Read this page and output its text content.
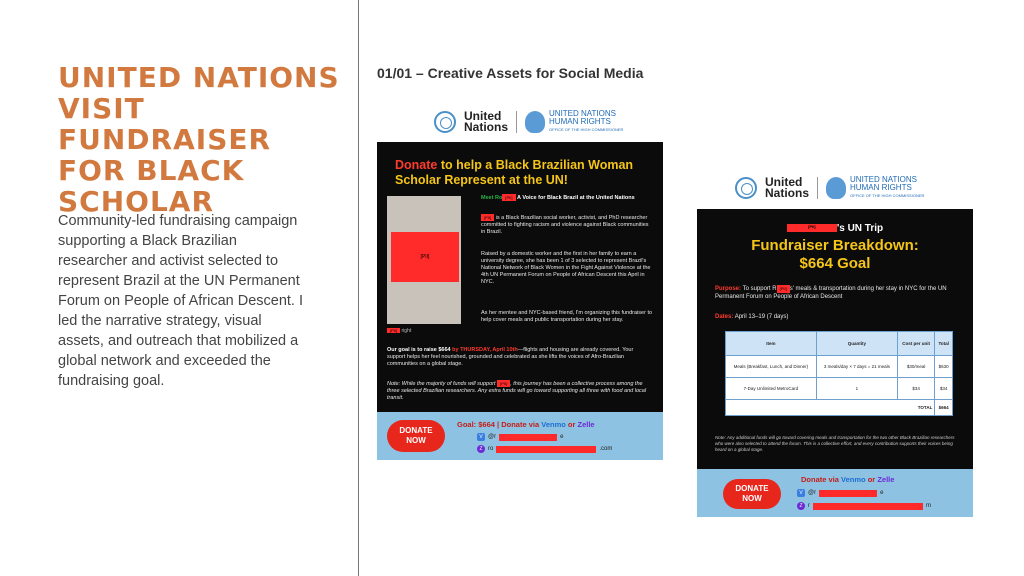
UNITED NATIONS VISIT FUNDRAISER FOR BLACK SCHOLAR

Community-led fundraising campaign supporting a Black Brazilian researcher and activist selected to represent Brazil at the UN Permanent Forum on People of African Descent. I led the narrative strategy, visual assets, and outreach that mobilized a global network and exceeded the fundraising goal.

01/01 – Creative Assets for Social Media
United
Nations
UNITED NATIONS
HUMAN RIGHTS
OFFICE OF THE HIGH COMMISSIONER
Donate to help a Black Brazilian Woman Scholar Represent at the UN!
[PII]
[PII] right
Meet Ro [PII] A Voice for Black Brazil at the United Nations
[PII] is a Black Brazilian social worker, activist, and PhD researcher committed to fighting racism and violence against Black communities in Brazil.
Raised by a domestic worker and the first in her family to earn a university degree, she has been 1 of 3 selected to represent Brazil's National Network of Black Women in the Fight Against Violence at the 4th UN Permanent Forum on People of African Descent this April in NYC.
As her mentee and NYC-based friend, I'm organizing this fundraiser to help cover meals and public transportation during her stay.
Our goal is to raise $664 by THURSDAY, April 10th—flights and housing are already covered. Your support helps her feel nourished, grounded and celebrated as she lifts the voices of Afro-Brazilian communities on a global stage.
Note: While the majority of funds will support [PII] , this journey has been a collective process among the three selected Brazilian researchers. Any extra funds will go toward supporting all three with food and local transit.
DONATE
NOW
Goal: $664 | Donate via Venmo or Zelle
V @r	e
Z ro	.com
United
Nations
UNITED NATIONS
HUMAN RIGHTS
OFFICE OF THE HIGH COMMISSIONER
[PII] 's UN Trip
Fundraiser Breakdown:
$664 Goal
Purpose: To support R [PII] s' meals & transportation during her stay in NYC for the UN Permanent Forum on People of African Descent
Dates: April 13–19 (7 days)
Item	Quantity	Cost per unit	Total
Meals (Breakfast, Lunch, and Dinner)	3 meals/day × 7 days = 21 meals	$30/meal	$630
7-Day Unlimited MetroCard	1	$34	$34
TOTAL			$664
Note: Any additional funds will go toward covering meals and transportation for the two other Black Brazilian researchers who were also selected to attend the forum. This is a collective effort, and every contribution supports their voices being heard on a global stage.
DONATE
NOW
Donate via Venmo or Zelle
V @r	e
Z r	m
